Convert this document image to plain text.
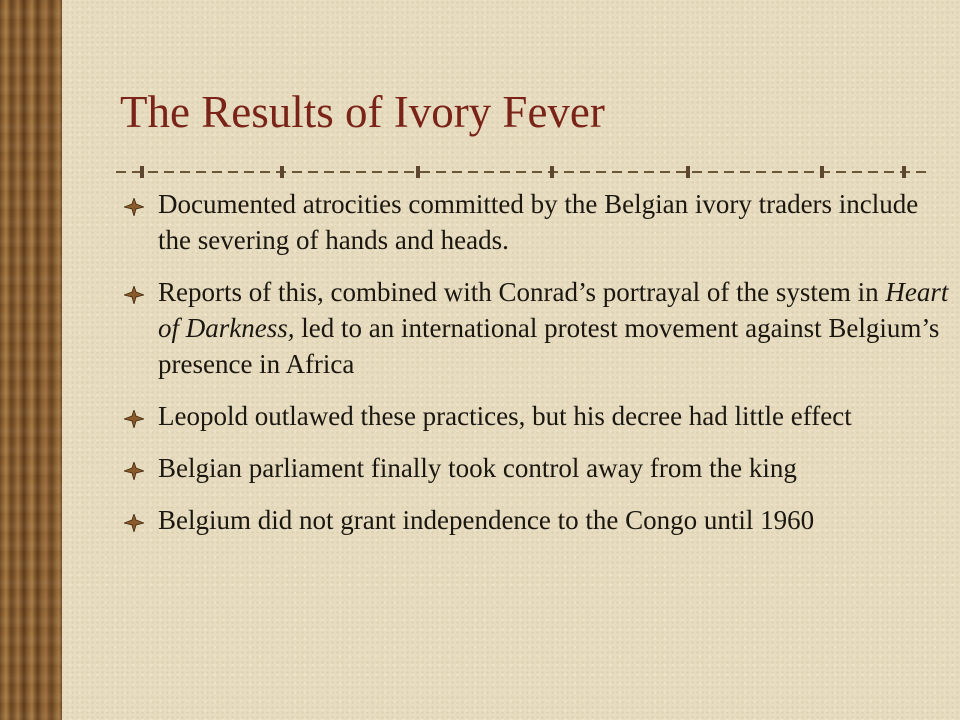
The Results of Ivory Fever
Documented atrocities committed by the Belgian ivory traders include the severing of hands and heads.
Reports of this, combined with Conrad’s portrayal of the system in Heart of Darkness, led to an international protest movement against Belgium’s presence in Africa
Leopold outlawed these practices, but his decree had little effect
Belgian parliament finally took control away from the king
Belgium did not grant independence to the Congo until 1960
